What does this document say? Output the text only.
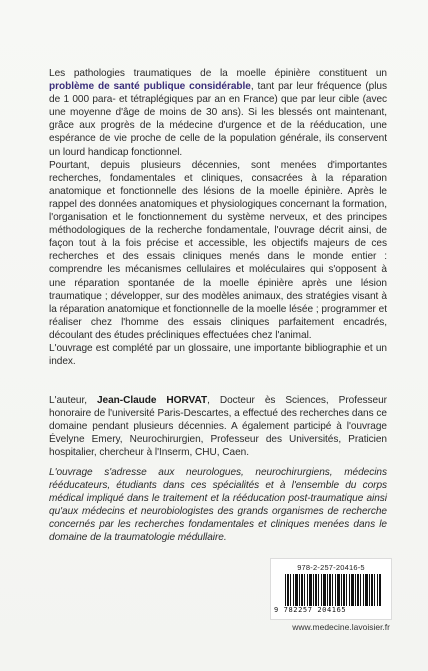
Les pathologies traumatiques de la moelle épinière constituent un problème de santé publique considérable, tant par leur fréquence (plus de 1 000 para- et tétraplégiques par an en France) que par leur cible (avec une moyenne d'âge de moins de 30 ans). Si les blessés ont maintenant, grâce aux progrès de la médecine d'urgence et de la rééducation, une espérance de vie proche de celle de la population générale, ils conservent un lourd handicap fonctionnel.

Pourtant, depuis plusieurs décennies, sont menées d'importantes recherches, fondamentales et cliniques, consacrées à la réparation anatomique et fonctionnelle des lésions de la moelle épinière. Après le rappel des données anatomiques et physiologiques concernant la formation, l'organisation et le fonctionnement du système nerveux, et des principes méthodologiques de la recherche fondamentale, l'ouvrage décrit ainsi, de façon tout à la fois précise et accessible, les objectifs majeurs de ces recherches et des essais cliniques menés dans le monde entier : comprendre les mécanismes cellulaires et moléculaires qui s'opposent à une réparation spontanée de la moelle épinière après une lésion traumatique ; développer, sur des modèles animaux, des stratégies visant à la réparation anatomique et fonctionnelle de la moelle lésée ; programmer et réaliser chez l'homme des essais cliniques parfaitement encadrés, découlant des études précliniques effectuées chez l'animal.

L'ouvrage est complété par un glossaire, une importante bibliographie et un index.

L'auteur, Jean-Claude HORVAT, Docteur ès Sciences, Professeur honoraire de l'université Paris-Descartes, a effectué des recherches dans ce domaine pendant plusieurs décennies. A également participé à l'ouvrage Évelyne Emery, Neurochirurgien, Professeur des Universités, Praticien hospitalier, chercheur à l'Inserm, CHU, Caen.

L'ouvrage s'adresse aux neurologues, neurochirurgiens, médecins rééducateurs, étudiants dans ces spécialités et à l'ensemble du corps médical impliqué dans le traitement et la rééducation post-traumatique ainsi qu'aux médecins et neurobiologistes des grands organismes de recherche concernés par les recherches fondamentales et cliniques menées dans le domaine de la traumatologie médullaire.

978-2-257-20416-5
9 782257 204165
www.medecine.lavoisier.fr
